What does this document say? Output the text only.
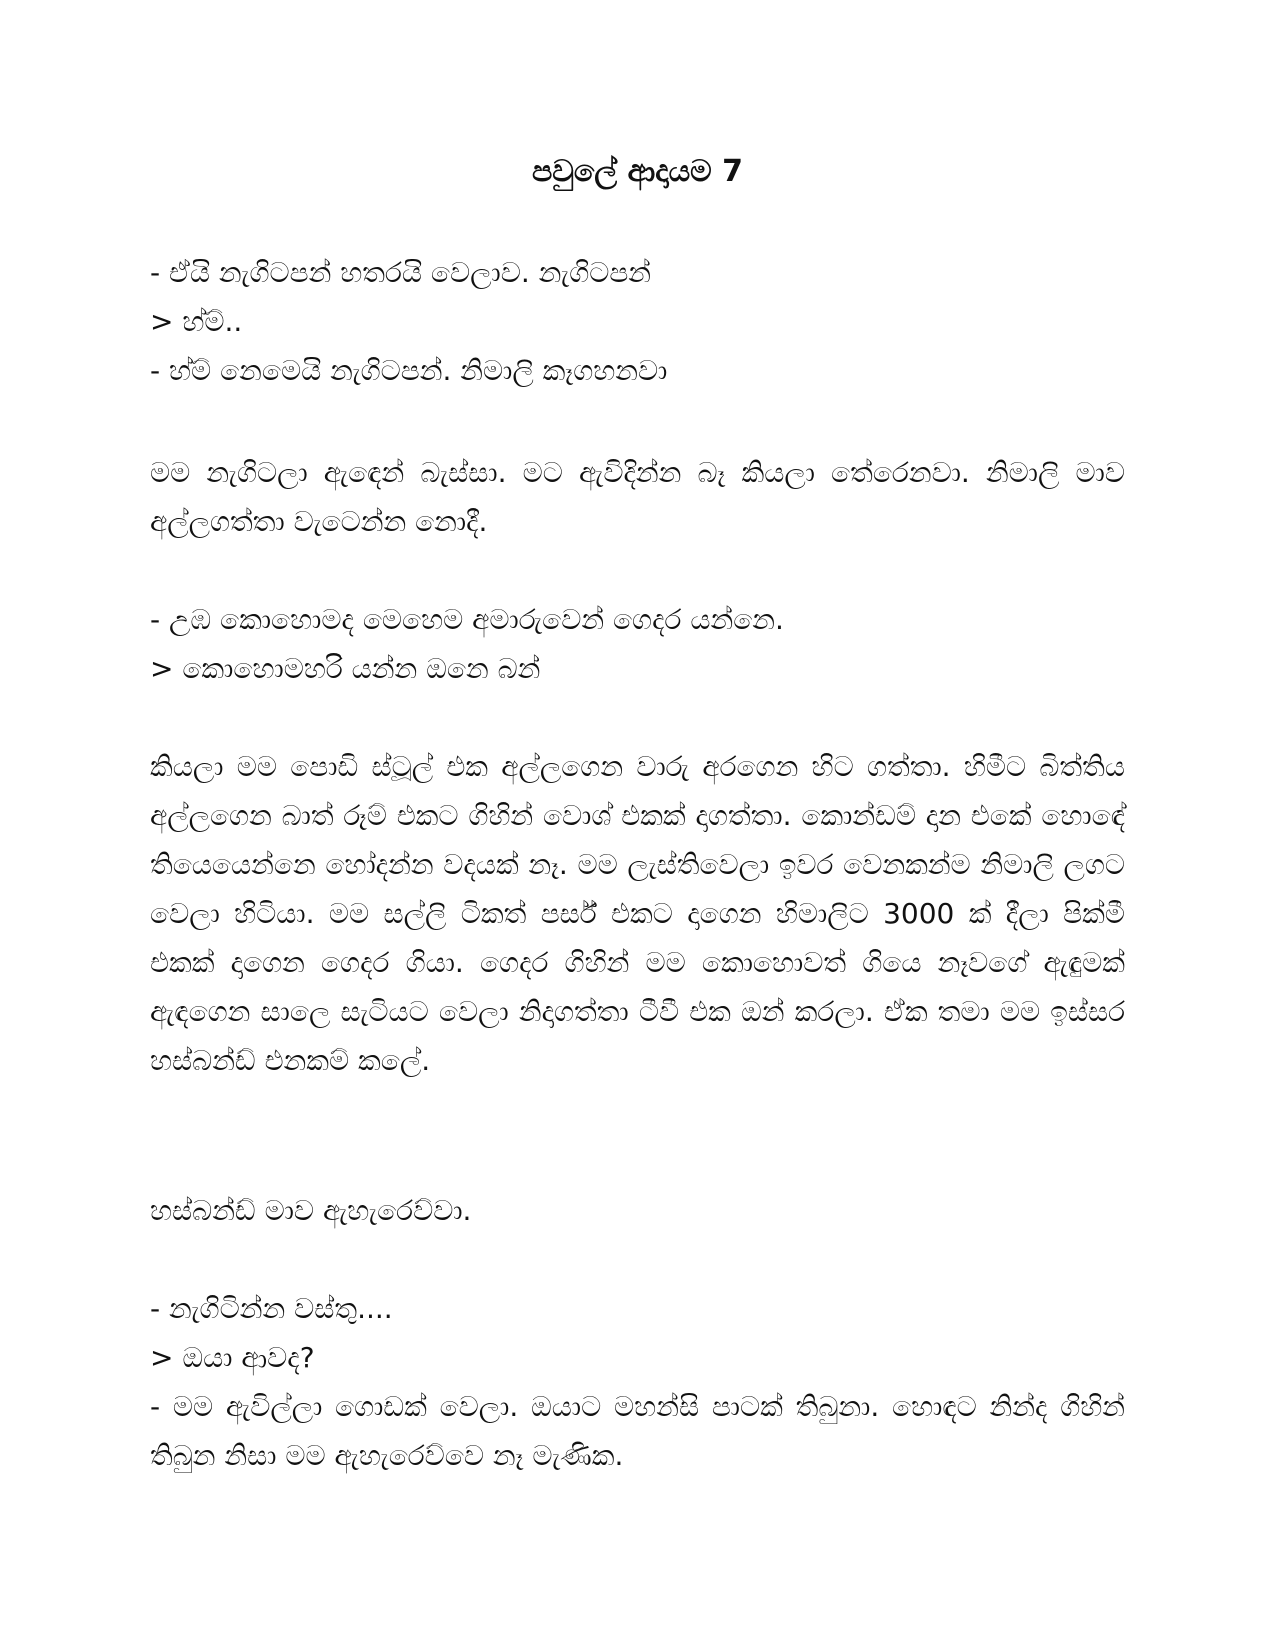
පවුලේ ආදායම 7
- ඒයි නැගිටපන් හතරයි වෙලාව. නැගිටපන්
> හ්ම්..
- හ්ම් නෙමෙයි නැගිටපන්. නිමාලි කෑගහනවා
මම නැගිටලා ඇඳෙන් බැස්සා. මට ඇවිදින්න බෑ කියලා තේරෙනවා. නිමාලි මාව අල්ලගත්තා වැටෙන්න නොදී.
- උඹ කොහොමද මෙහෙම අමාරුවෙන් ගෙදර යන්නෙ.
> කොහොමහරි යන්න ඔනෙ බන්
කියලා මම පොඩි ස්ටූල් එක අල්ලගෙන වාරු අරගෙන හිට ගත්තා. හිමීට බිත්තිය අල්ලගෙන බාත් රූම් එකට ගිහින් වොශ් එකක් දාගත්තා. කොන්ඩම් දාන එකේ හොඳේ තියෙයෙන්නෙ හෝදන්න වදයක් නෑ. මම ලැස්තිවෙලා ඉවර වෙනකන්ම නිමාලි ලගට වෙලා හිටියා. මම සල්ලි ටිකත් පර්ස් එකට දාගෙන හිමාලිට 3000 ක් දීලා පික්මී එකක් දාගෙන ගෙදර ගියා. ගෙදර ගිහින් මම කොහොවත් ගියෙ නෑවගේ ඇඳුමක් ඇඳගෙන සාලෙ සැටියට වෙලා නිදාගත්තා ටීවී එක ඔන් කරලා. ඒක තමා මම ඉස්සර හස්බන්ඩ් එනකම් කලේ.
හස්බන්ඩ් මාව ඇහැරෙව්වා.
- නැගිටින්න වස්තු....
> ඔයා ආවද?
- මම ඇවිල්ලා ගොඩක් වෙලා. ඔයාට මහන්සි පාටක් තිබුනා. හොඳට නින්ද ගිහින් තිබුන නිසා මම ඇහැරෙව්වෙ නෑ මැණික.
